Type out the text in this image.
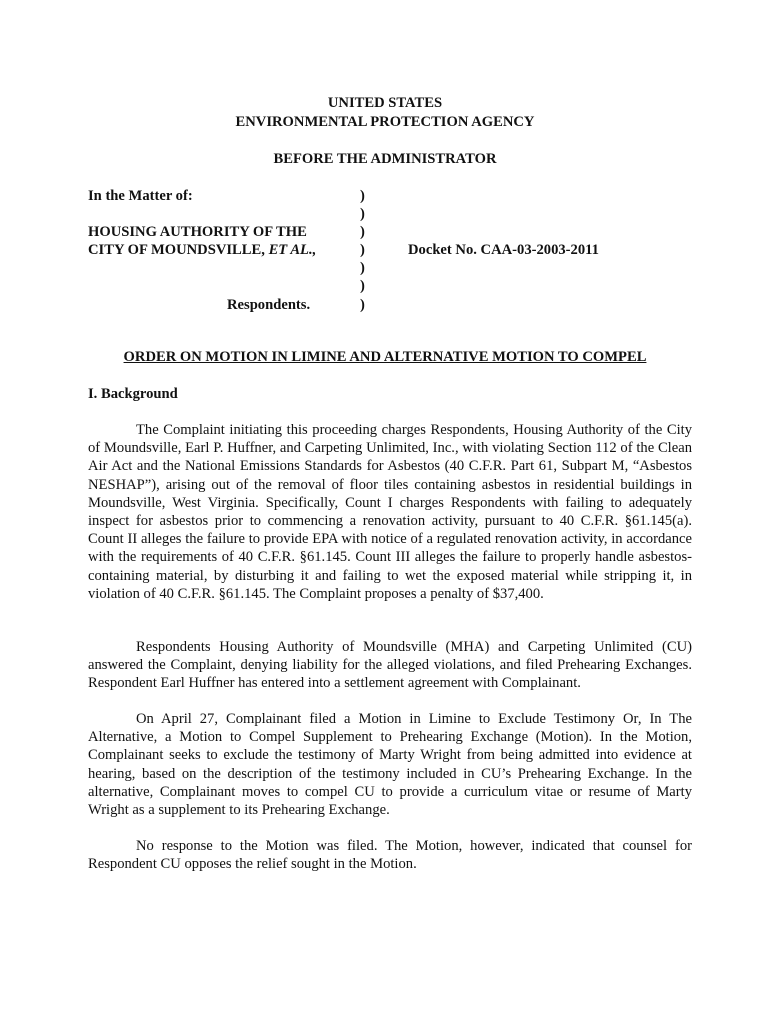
UNITED STATES
ENVIRONMENTAL PROTECTION AGENCY
BEFORE THE ADMINISTRATOR
In the Matter of:
HOUSING AUTHORITY OF THE
CITY OF MOUNDSVILLE, ET AL.,
Respondents.
)
)
)
)
)
)
)
Docket No. CAA-03-2003-2011
ORDER ON MOTION IN LIMINE AND ALTERNATIVE MOTION TO COMPEL
I. Background
The Complaint initiating this proceeding charges Respondents, Housing Authority of the City of Moundsville, Earl P. Huffner, and Carpeting Unlimited, Inc., with violating Section 112 of the Clean Air Act and the National Emissions Standards for Asbestos (40 C.F.R. Part 61, Subpart M, “Asbestos NESHAP”), arising out of the removal of floor tiles containing asbestos in residential buildings in Moundsville, West Virginia. Specifically, Count I charges Respondents with failing to adequately inspect for asbestos prior to commencing a renovation activity, pursuant to 40 C.F.R. §61.145(a). Count II alleges the failure to provide EPA with notice of a regulated renovation activity, in accordance with the requirements of 40 C.F.R. §61.145. Count III alleges the failure to properly handle asbestos-containing material, by disturbing it and failing to wet the exposed material while stripping it, in violation of 40 C.F.R. §61.145. The Complaint proposes a penalty of $37,400.
Respondents Housing Authority of Moundsville (MHA) and Carpeting Unlimited (CU) answered the Complaint, denying liability for the alleged violations, and filed Prehearing Exchanges. Respondent Earl Huffner has entered into a settlement agreement with Complainant.
On April 27, Complainant filed a Motion in Limine to Exclude Testimony Or, In The Alternative, a Motion to Compel Supplement to Prehearing Exchange (Motion). In the Motion, Complainant seeks to exclude the testimony of Marty Wright from being admitted into evidence at hearing, based on the description of the testimony included in CU’s Prehearing Exchange. In the alternative, Complainant moves to compel CU to provide a curriculum vitae or resume of Marty Wright as a supplement to its Prehearing Exchange.
No response to the Motion was filed. The Motion, however, indicated that counsel for Respondent CU opposes the relief sought in the Motion.
